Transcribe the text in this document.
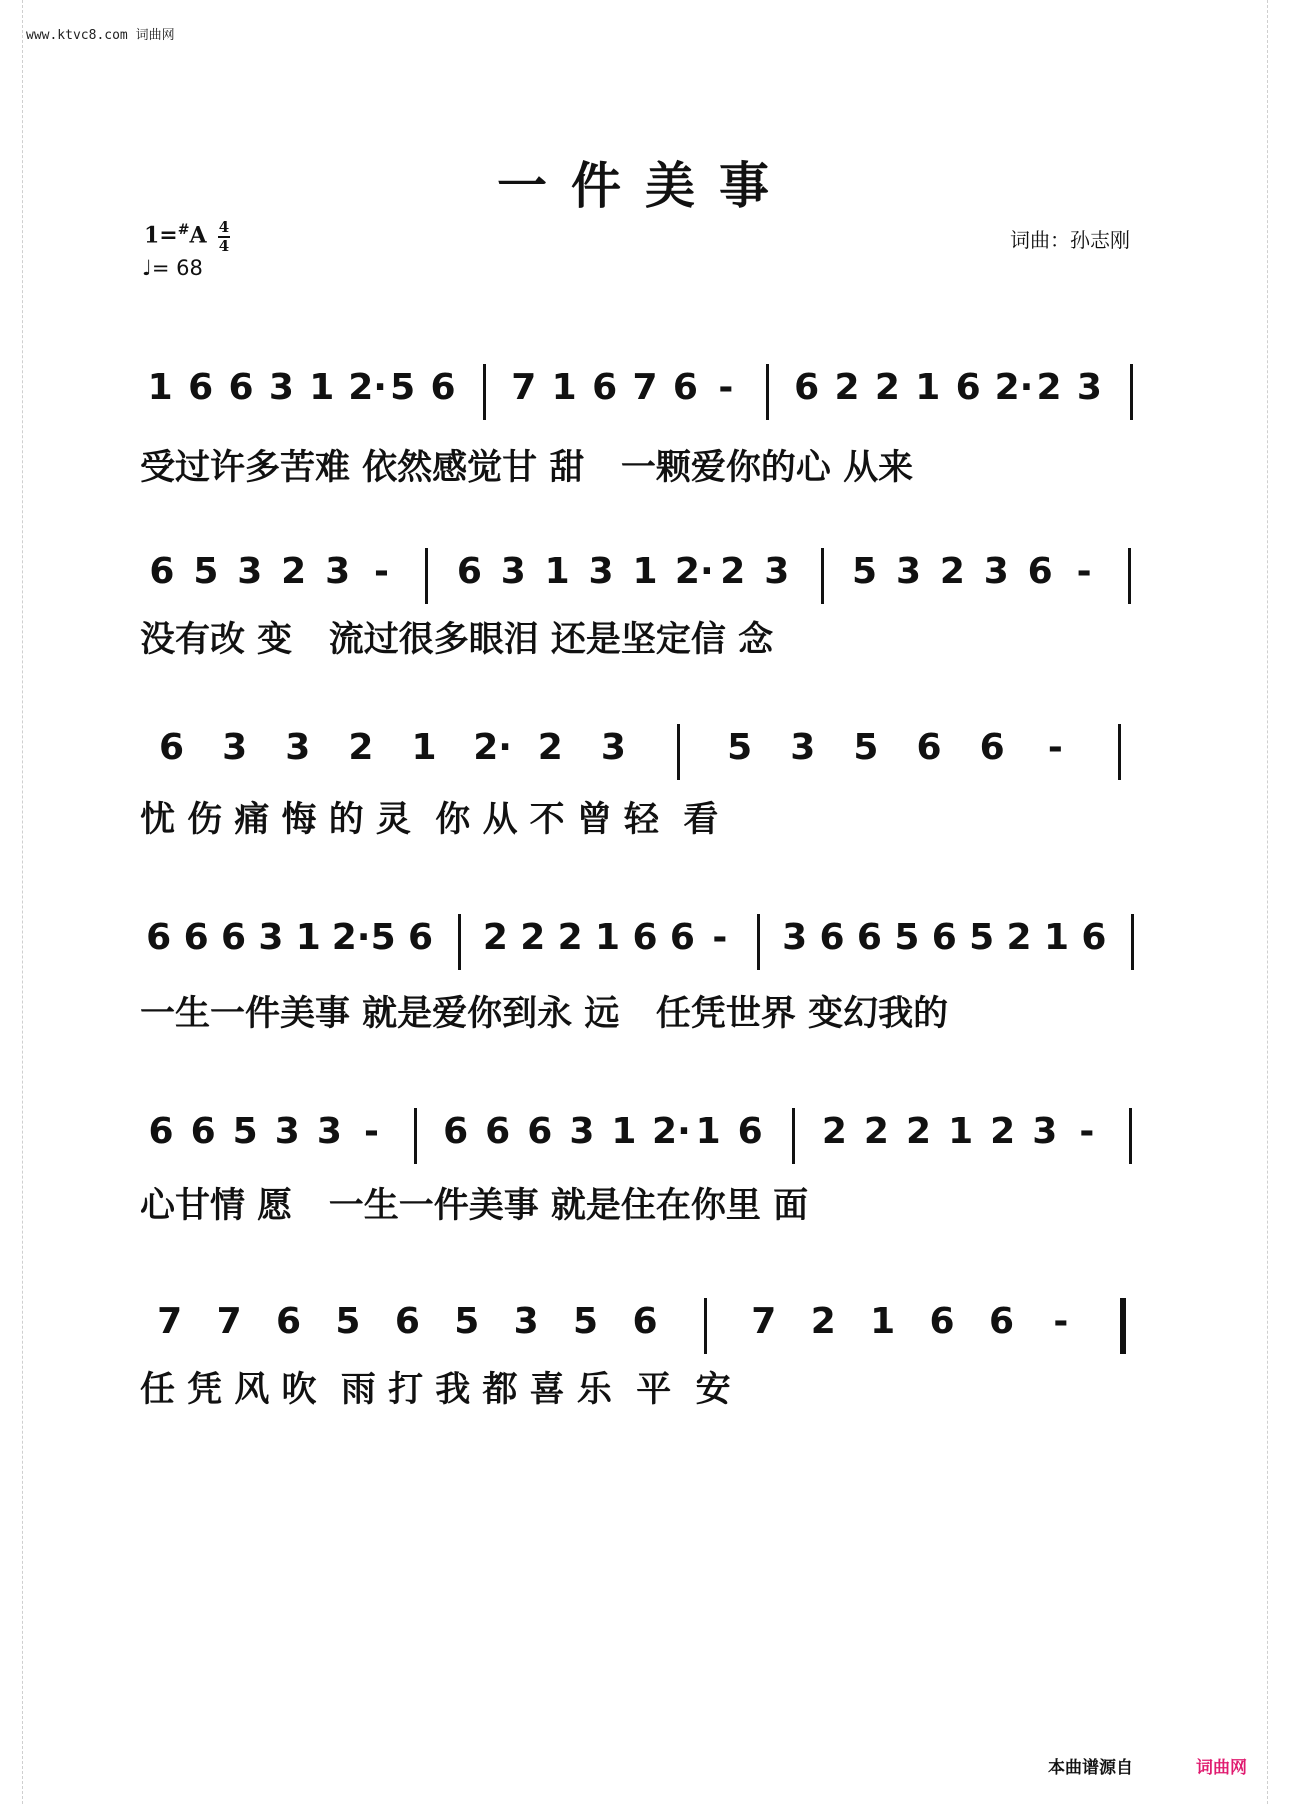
www.ktvc8.com 词曲网
一件美事
1=#A 4
4
♩= 68
词曲：孙志刚
1 6 6 3 1 2· 5 6 7 1 6 7 6 - 6 2 2 1 6 2· 2 3
受过许多苦难 依然感觉甘 甜   一颗爱你的心 从来
6 5 3 2 3 - 6 3 1 3 1 2· 2 3 5 3 2 3 6 -
没有改 变   流过很多眼泪 还是坚定信 念
6 3 3 2 1 2· 2 3	5 3 5 6 6 -
忧 伤 痛 悔 的 灵  你 从 不 曾 轻  看
6 6 6 3 1 2· 5 6 2 2 2 1 6 6 - 3 6 6 5 6 5 2 1 6
一生一件美事 就是爱你到永 远   任凭世界 变幻我的
6 6 5 3 3 - 6 6 6 3 1 2· 1 6 2 2 2 1 2 3 -
心甘情 愿   一生一件美事 就是住在你里 面
7 7 6 5 6 5 3 5 6	7 2 1 6 6 -
任 凭 风 吹  雨 打 我 都 喜 乐  平  安
本曲谱源自	词曲网
